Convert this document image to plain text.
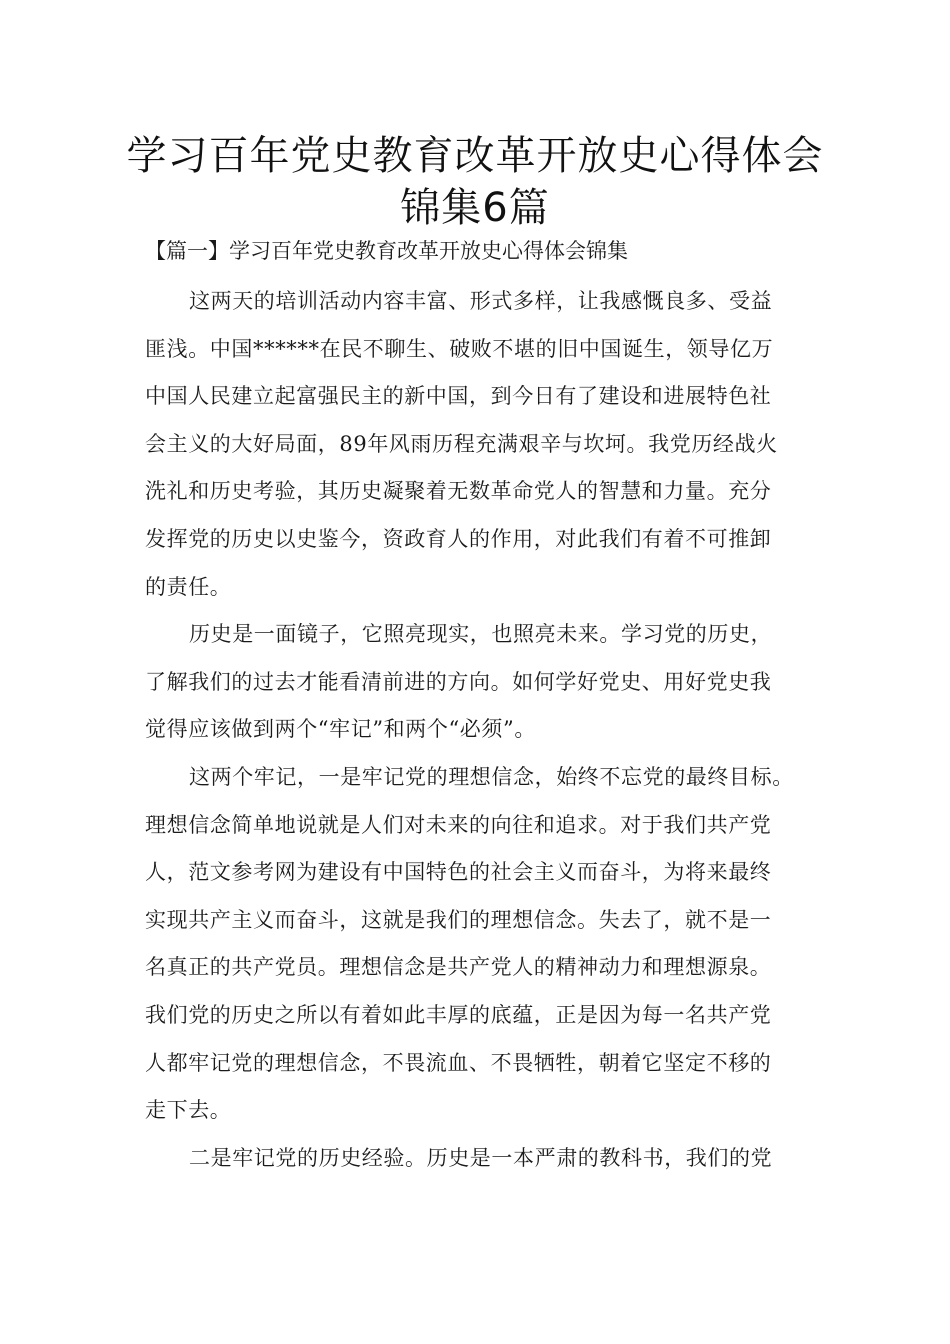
学习百年党史教育改革开放史心得体会
锦集6篇

【篇一】学习百年党史教育改革开放史心得体会锦集

这两天的培训活动内容丰富、形式多样，让我感慨良多、受益
匪浅。中国******在民不聊生、破败不堪的旧中国诞生，领导亿万
中国人民建立起富强民主的新中国，到今日有了建设和进展特色社
会主义的大好局面，89年风雨历程充满艰辛与坎坷。我党历经战火
洗礼和历史考验，其历史凝聚着无数革命党人的智慧和力量。充分
发挥党的历史以史鉴今，资政育人的作用，对此我们有着不可推卸
的责任。
历史是一面镜子，它照亮现实，也照亮未来。学习党的历史，
了解我们的过去才能看清前进的方向。如何学好党史、用好党史我
觉得应该做到两个“牢记”和两个“必须”。
这两个牢记，一是牢记党的理想信念，始终不忘党的最终目标。
理想信念简单地说就是人们对未来的向往和追求。对于我们共产党
人，范文参考网为建设有中国特色的社会主义而奋斗，为将来最终
实现共产主义而奋斗，这就是我们的理想信念。失去了，就不是一
名真正的共产党员。理想信念是共产党人的精神动力和理想源泉。
我们党的历史之所以有着如此丰厚的底蕴，正是因为每一名共产党
人都牢记党的理想信念，不畏流血、不畏牺牲，朝着它坚定不移的
走下去。
二是牢记党的历史经验。历史是一本严肃的教科书，我们的党
